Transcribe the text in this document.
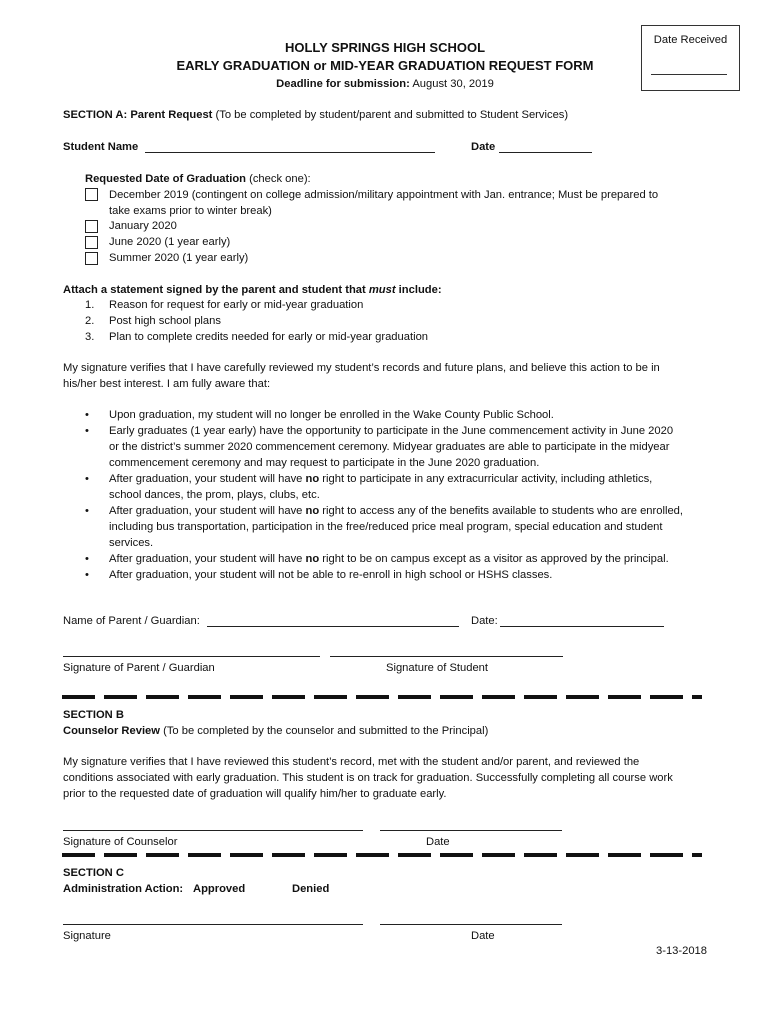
HOLLY SPRINGS HIGH SCHOOL
EARLY GRADUATION or MID-YEAR GRADUATION REQUEST FORM
Deadline for submission: August 30, 2019
Date Received
SECTION A: Parent Request (To be completed by student/parent and submitted to Student Services)
Student Name	Date
Requested Date of Graduation (check one):
December 2019 (contingent on college admission/military appointment with Jan. entrance; Must be prepared to
take exams prior to winter break)
January 2020
June 2020 (1 year early)
Summer 2020 (1 year early)
Attach a statement signed by the parent and student that must include:
1. Reason for request for early or mid-year graduation
2. Post high school plans
3. Plan to complete credits needed for early or mid-year graduation
My signature verifies that I have carefully reviewed my student’s records and future plans, and believe this action to be in
his/her best interest. I am fully aware that:
• Upon graduation, my student will no longer be enrolled in the Wake County Public School.
• Early graduates (1 year early) have the opportunity to participate in the June commencement activity in June 2020
or the district’s summer 2020 commencement ceremony. Midyear graduates are able to participate in the midyear
commencement ceremony and may request to participate in the June 2020 graduation.
• After graduation, your student will have no right to participate in any extracurricular activity, including athletics,
school dances, the prom, plays, clubs, etc.
• After graduation, your student will have no right to access any of the benefits available to students who are enrolled,
including bus transportation, participation in the free/reduced price meal program, special education and student
services.
• After graduation, your student will have no right to be on campus except as a visitor as approved by the principal.
• After graduation, your student will not be able to re-enroll in high school or HSHS classes.
Name of Parent / Guardian:	Date:
Signature of Parent / Guardian	Signature of Student
SECTION B
Counselor Review (To be completed by the counselor and submitted to the Principal)
My signature verifies that I have reviewed this student’s record, met with the student and/or parent, and reviewed the
conditions associated with early graduation. This student is on track for graduation. Successfully completing all course work
prior to the requested date of graduation will qualify him/her to graduate early.
Signature of Counselor	Date
SECTION C
Administration Action: Approved	Denied
Signature	Date
3-13-2018
